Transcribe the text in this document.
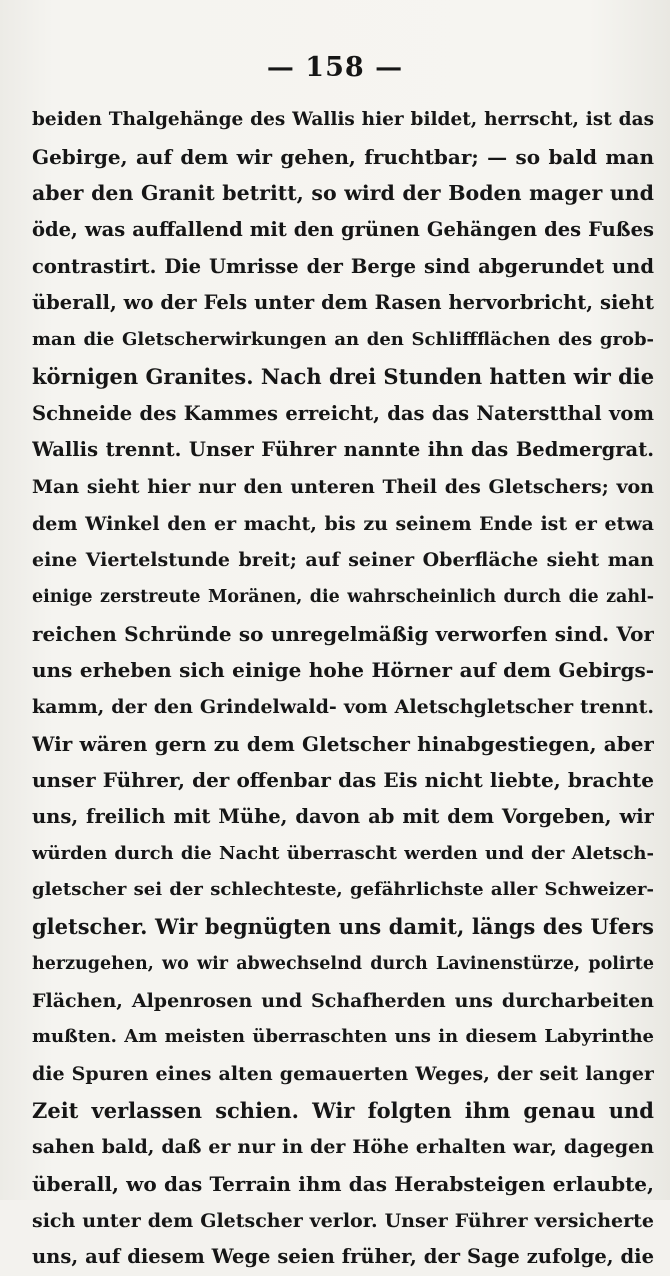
— 158 —
beiden Thalgehänge des Wallis hier bildet, herrscht, ist das
Gebirge, auf dem wir gehen, fruchtbar; — so bald man
aber den Granit betritt, so wird der Boden mager und
öde, was auffallend mit den grünen Gehängen des Fußes
contrastirt. Die Umrisse der Berge sind abgerundet und
überall, wo der Fels unter dem Rasen hervorbricht, sieht
man die Gletscherwirkungen an den Schliffflächen des grob-
körnigen Granites. Nach drei Stunden hatten wir die
Schneide des Kammes erreicht, das das Naterstthal vom
Wallis trennt. Unser Führer nannte ihn das Bedmergrat.
Man sieht hier nur den unteren Theil des Gletschers; von
dem Winkel den er macht, bis zu seinem Ende ist er etwa
eine Viertelstunde breit; auf seiner Oberfläche sieht man
einige zerstreute Moränen, die wahrscheinlich durch die zahl-
reichen Schründe so unregelmäßig verworfen sind. Vor
uns erheben sich einige hohe Hörner auf dem Gebirgs-
kamm, der den Grindelwald- vom Aletschgletscher trennt.
Wir wären gern zu dem Gletscher hinabgestiegen, aber
unser Führer, der offenbar das Eis nicht liebte, brachte
uns, freilich mit Mühe, davon ab mit dem Vorgeben, wir
würden durch die Nacht überrascht werden und der Aletsch-
gletscher sei der schlechteste, gefährlichste aller Schweizer-
gletscher. Wir begnügten uns damit, längs des Ufers
herzugehen, wo wir abwechselnd durch Lavinenstürze, polirte
Flächen, Alpenrosen und Schafherden uns durcharbeiten
mußten. Am meisten überraschten uns in diesem Labyrinthe
die Spuren eines alten gemauerten Weges, der seit langer
Zeit verlassen schien. Wir folgten ihm genau und
sahen bald, daß er nur in der Höhe erhalten war, dagegen
überall, wo das Terrain ihm das Herabsteigen erlaubte,
sich unter dem Gletscher verlor. Unser Führer versicherte
uns, auf diesem Wege seien früher, der Sage zufolge, die
